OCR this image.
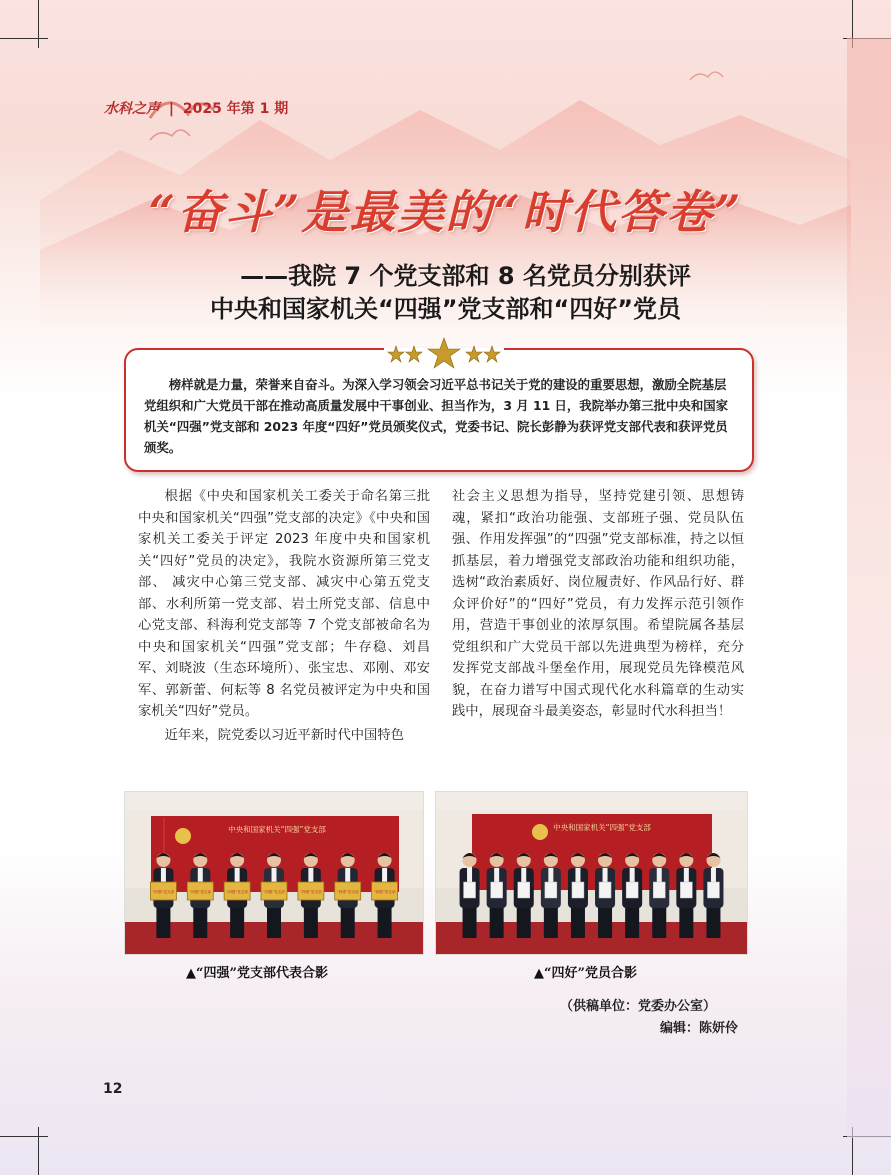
水科之声 | 2025 年第 1 期
“奋斗”是最美的“时代答卷”
——我院 7 个党支部和 8 名党员分别获评
中央和国家机关“四强”党支部和“四好”党员

榜样就是力量，荣誉来自奋斗。为深入学习领会习近平总书记关于党的建设的重要思想，激励全院基层党组织和广大党员干部在推动高质量发展中干事创业、担当作为，3 月 11 日，我院举办第三批中央和国家机关“四强”党支部和 2023 年度“四好”党员颁奖仪式，党委书记、院长彭静为获评党支部代表和获评党员颁奖。

根据《中央和国家机关工委关于命名第三批中央和国家机关“四强”党支部的决定》《中央和国家机关工委关于评定 2023 年度中央和国家机关“四好”党员的决定》，我院水资源所第三党支部、 减灾中心第三党支部、减灾中心第五党支部、水利所第一党支部、岩土所党支部、信息中心党支部、科海利党支部等 7 个党支部被命名为中央和国家机关“四强”党支部；牛存稳、刘昌军、刘晓波（生态环境所）、张宝忠、邓刚、邓安军、郭新蕾、何耘等 8 名党员被评定为中央和国家机关“四好”党员。

近年来，院党委以习近平新时代中国特色

社会主义思想为指导，坚持党建引领、思想铸魂，紧扣“政治功能强、支部班子强、党员队伍强、作用发挥强”的“四强”党支部标准，持之以恒抓基层，着力增强党支部政治功能和组织功能，选树“政治素质好、岗位履责好、作风品行好、群众评价好”的“四好”党员，有力发挥示范引领作用，营造干事创业的浓厚氛围。希望院属各基层党组织和广大党员干部以先进典型为榜样，充分发挥党支部战斗堡垒作用，展现党员先锋模范风貌，在奋力谱写中国式现代化水科篇章的生动实践中，展现奋斗最美姿态，彰显时代水科担当！

中央和国家机关“四强”党支部
“四强”党支部	“四强”党支部	“四强”党支部	“四强”党支部	“四强”党支部	“四强”党支部	“四强”党支部
中央和国家机关“四强”党支部
▲“四强”党支部代表合影	▲“四好”党员合影
（供稿单位：党委办公室）
编辑：陈妍伶
12
